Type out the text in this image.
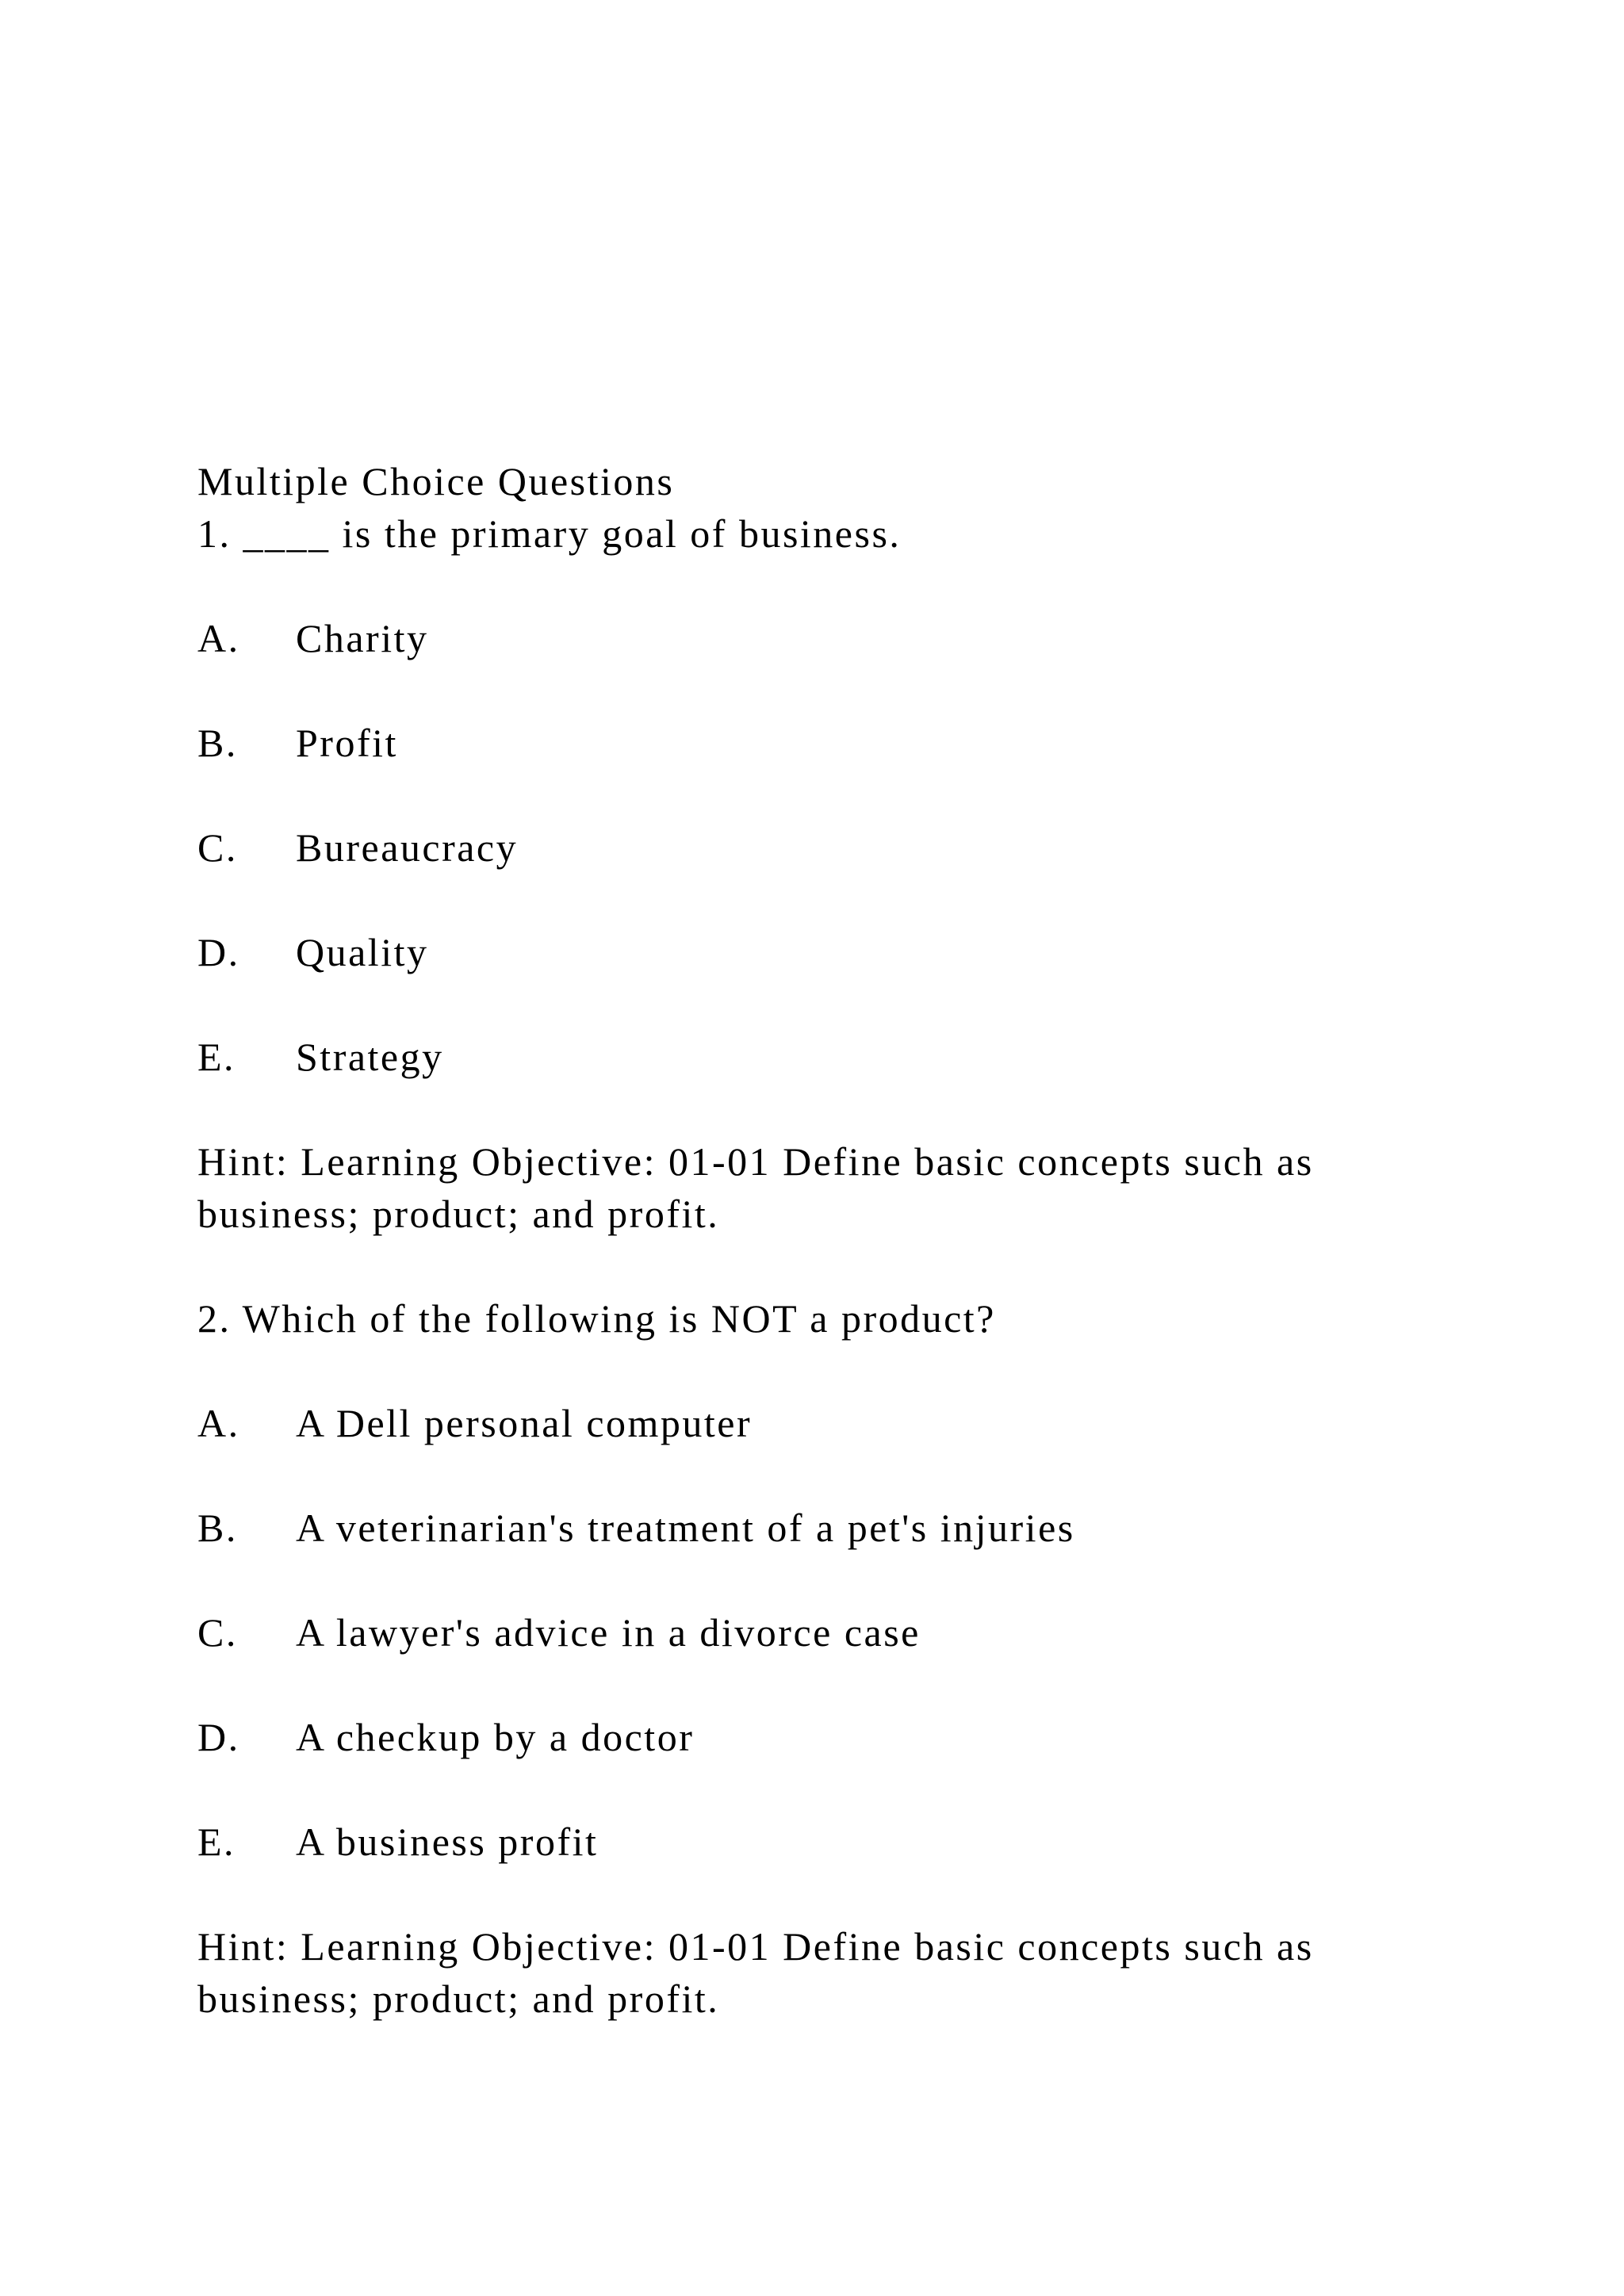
Multiple Choice Questions
1. ____ is the primary goal of business.
A. Charity
B. Profit
C. Bureaucracy
D. Quality
E. Strategy
Hint: Learning Objective: 01-01 Define basic concepts such as
business; product; and profit.
2. Which of the following is NOT a product?
A. A Dell personal computer
B. A veterinarian's treatment of a pet's injuries
C. A lawyer's advice in a divorce case
D. A checkup by a doctor
E. A business profit
Hint: Learning Objective: 01-01 Define basic concepts such as
business; product; and profit.
